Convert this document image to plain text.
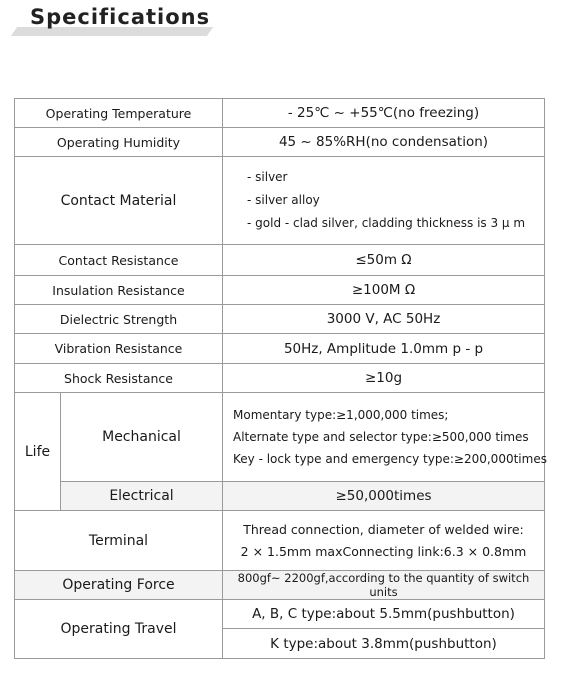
Specifications
Operating Temperature		- 25℃ ~ +55℃(no freezing)
Operating Humidity		45 ~ 85%RH(no condensation)
Contact Material		- silver
- silver alloy
- gold - clad silver, cladding thickness is 3 μ m

Contact Resistance		≤50m Ω
Insulation Resistance		≥100M Ω
Dielectric Strength		3000 V, AC 50Hz
Vibration Resistance		50Hz, Amplitude 1.0mm p - p
Shock Resistance		≥10g
Life	Mechanical	Momentary type:≥1,000,000 times;
Alternate type and selector type:≥500,000 times
Key - lock type and emergency type:≥200,000times

	Electrical	≥50,000times
Terminal		Thread connection, diameter of welded wire:
2 × 1.5mm maxConnecting link:6.3 × 0.8mm

Operating Force		800gf~ 2200gf,according to the quantity of switch units
Operating Travel		A, B, C type:about 5.5mm(pushbutton)
		K type:about 3.8mm(pushbutton)
